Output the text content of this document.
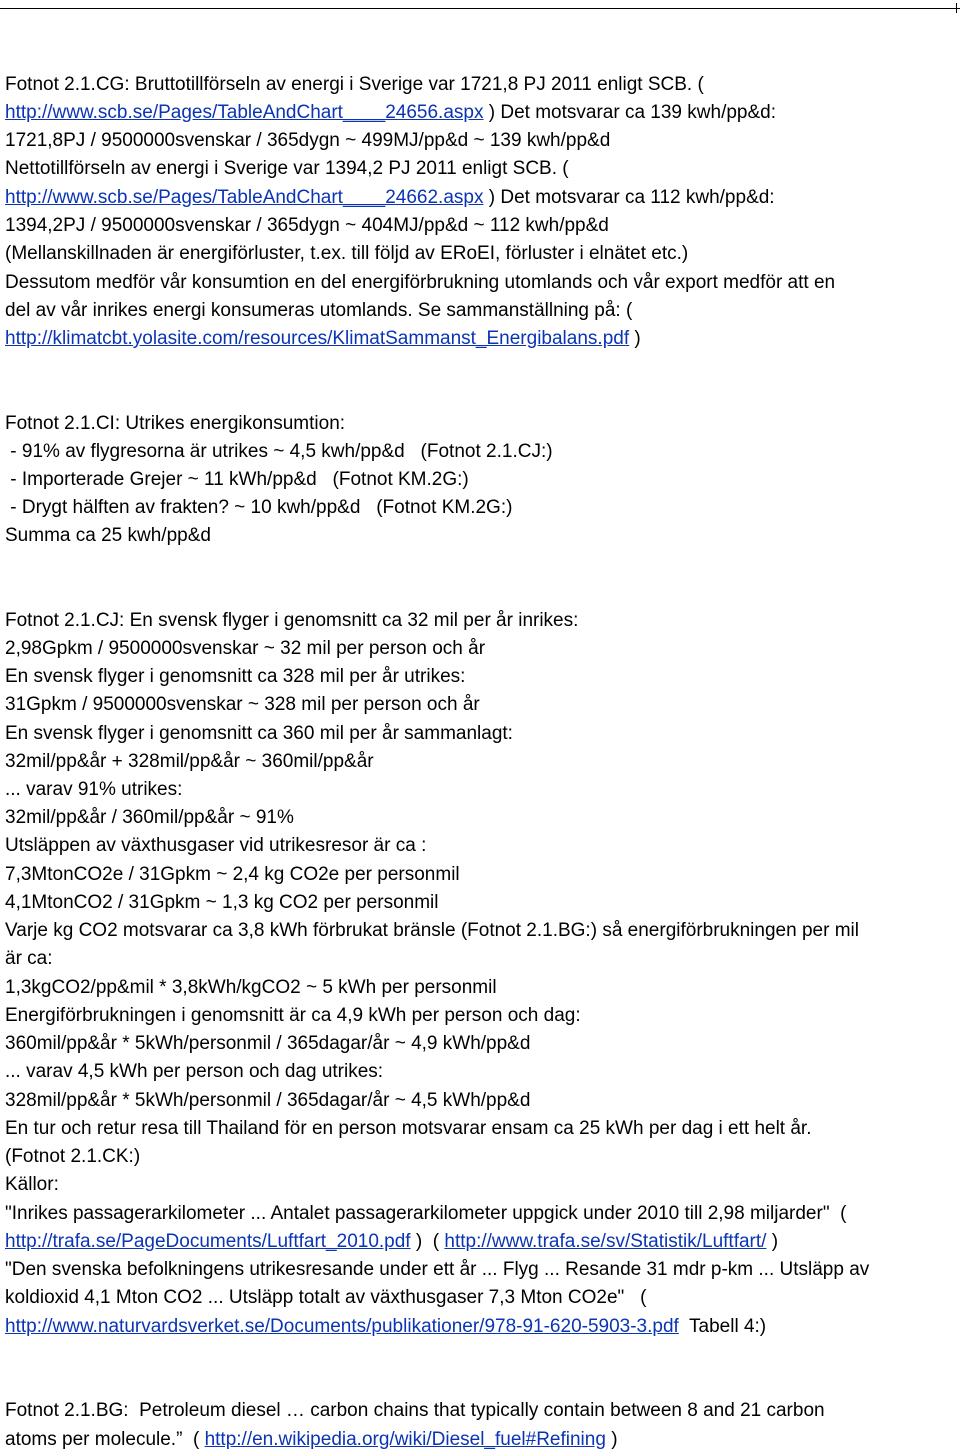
Fotnot 2.1.CG: Bruttotillförseln av energi i Sverige var 1721,8 PJ 2011 enligt SCB. (
http://www.scb.se/Pages/TableAndChart____24656.aspx ) Det motsvarar ca 139 kwh/pp&d:
1721,8PJ / 9500000svenskar / 365dygn ~ 499MJ/pp&d ~ 139 kwh/pp&d
Nettotillförseln av energi i Sverige var 1394,2 PJ 2011 enligt SCB. (
http://www.scb.se/Pages/TableAndChart____24662.aspx ) Det motsvarar ca 112 kwh/pp&d:
1394,2PJ / 9500000svenskar / 365dygn ~ 404MJ/pp&d ~ 112 kwh/pp&d
(Mellanskillnaden är energiförluster, t.ex. till följd av ERoEI, förluster i elnätet etc.)
Dessutom medför vår konsumtion en del energiförbrukning utomlands och vår export medför att en
del av vår inrikes energi konsumeras utomlands. Se sammanställning på: (
http://klimatcbt.yolasite.com/resources/KlimatSammanst_Energibalans.pdf )
Fotnot 2.1.CI: Utrikes energikonsumtion:
- 91% av flygresorna är utrikes ~ 4,5 kwh/pp&d   (Fotnot 2.1.CJ:)
- Importerade Grejer ~ 11 kWh/pp&d   (Fotnot KM.2G:)
- Drygt hälften av frakten? ~ 10 kwh/pp&d   (Fotnot KM.2G:)
Summa ca 25 kwh/pp&d
Fotnot 2.1.CJ: En svensk flyger i genomsnitt ca 32 mil per år inrikes:
2,98Gpkm / 9500000svenskar ~ 32 mil per person och år
En svensk flyger i genomsnitt ca 328 mil per år utrikes:
31Gpkm / 9500000svenskar ~ 328 mil per person och år
En svensk flyger i genomsnitt ca 360 mil per år sammanlagt:
32mil/pp&år + 328mil/pp&år ~ 360mil/pp&år
... varav 91% utrikes:
32mil/pp&år / 360mil/pp&år ~ 91%
Utsläppen av växthusgaser vid utrikesresor är ca :
7,3MtonCO2e / 31Gpkm ~ 2,4 kg CO2e per personmil
4,1MtonCO2 / 31Gpkm ~ 1,3 kg CO2 per personmil
Varje kg CO2 motsvarar ca 3,8 kWh förbrukat bränsle (Fotnot 2.1.BG:) så energiförbrukningen per mil
är ca:
1,3kgCO2/pp&mil * 3,8kWh/kgCO2 ~ 5 kWh per personmil
Energiförbrukningen i genomsnitt är ca 4,9 kWh per person och dag:
360mil/pp&år * 5kWh/personmil / 365dagar/år ~ 4,9 kWh/pp&d
... varav 4,5 kWh per person och dag utrikes:
328mil/pp&år * 5kWh/personmil / 365dagar/år ~ 4,5 kWh/pp&d
En tur och retur resa till Thailand för en person motsvarar ensam ca 25 kWh per dag i ett helt år.
(Fotnot 2.1.CK:)
Källor:
"Inrikes passagerarkilometer ... Antalet passagerarkilometer uppgick under 2010 till 2,98 miljarder"  (
http://trafa.se/PageDocuments/Luftfart_2010.pdf )  ( http://www.trafa.se/sv/Statistik/Luftfart/ )
"Den svenska befolkningens utrikesresande under ett år ... Flyg ... Resande 31 mdr p-km ... Utsläpp av
koldioxid 4,1 Mton CO2 ... Utsläpp totalt av växthusgaser 7,3 Mton CO2e"   (
http://www.naturvardsverket.se/Documents/publikationer/978-91-620-5903-3.pdf  Tabell 4:)
Fotnot 2.1.BG:  Petroleum diesel … carbon chains that typically contain between 8 and 21 carbon
atoms per molecule.”  ( http://en.wikipedia.org/wiki/Diesel_fuel#Refining )
